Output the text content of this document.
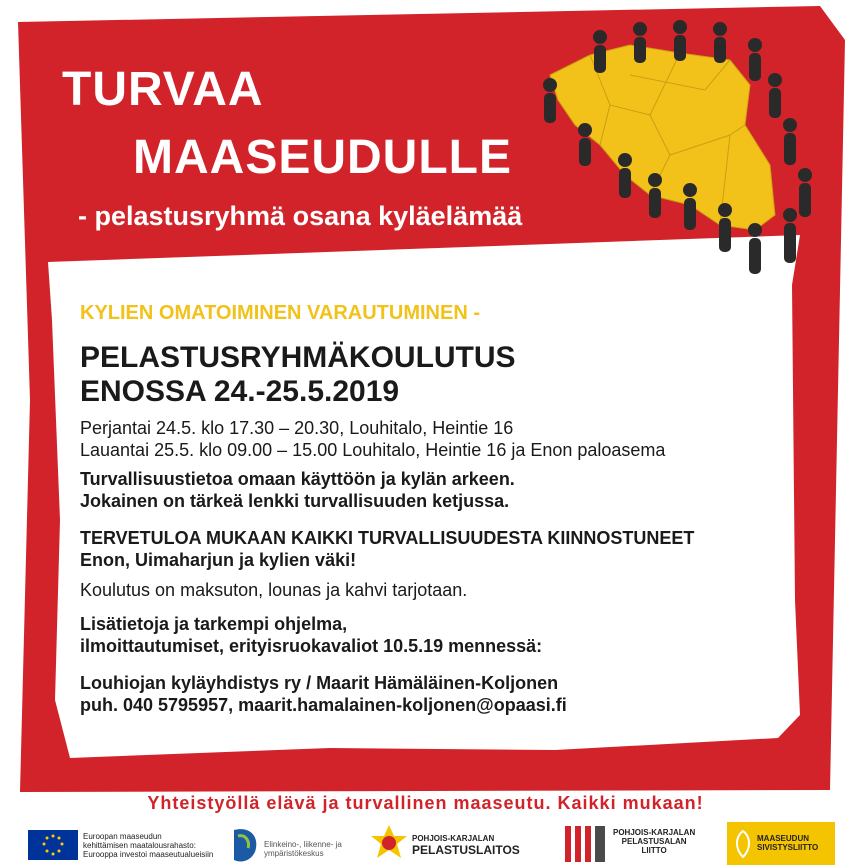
TURVAA
MAASEUDULLE
- pelastusryhmä osana kyläelämää

KYLIEN OMATOIMINEN VARAUTUMINEN -

PELASTUSRYHMÄKOULUTUS

ENOSSA 24.-25.5.2019

Perjantai 24.5. klo 17.30 – 20.30, Louhitalo, Heintie 16

Lauantai 25.5. klo 09.00 – 15.00 Louhitalo, Heintie 16 ja Enon paloasema

Turvallisuustietoa omaan käyttöön ja kylän arkeen.

Jokainen on tärkeä lenkki turvallisuuden ketjussa.

TERVETULOA MUKAAN KAIKKI TURVALLISUUDESTA KIINNOSTUNEET

Enon, Uimaharjun ja kylien väki!

Koulutus on maksuton, lounas ja kahvi tarjotaan.

Lisätietoja ja tarkempi ohjelma,

ilmoittautumiset, erityisruokavaliot 10.5.19 mennessä:

Louhiojan kyläyhdistys ry / Maarit Hämäläinen-Koljonen

puh. 040 5795957, maarit.hamalainen-koljonen@opaasi.fi

Yhteistyöllä elävä ja turvallinen maaseutu. Kaikki mukaan!
Euroopan maaseudun
kehittämisen maatalousrahasto:
Eurooppa investoi maaseutualueisiin
Elinkeino-, liikenne- ja
ympäristökeskus
POHJOIS-KARJALAN
PELASTUSLAITOS
POHJOIS-KARJALAN
PELASTUSALAN
LIITTO
MAASEUDUN
SIVISTYSLIITTO
